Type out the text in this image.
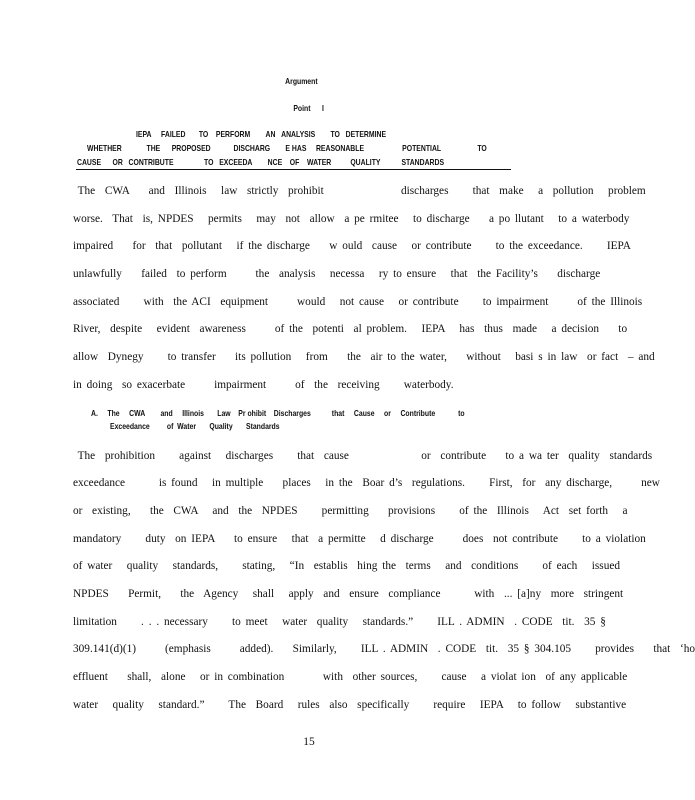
Argument
Point      I
IEPA     FAILED       TO    PERFORM        AN   ANALYSIS        TO   DETERMINE
WHETHER             THE      PROPOSED            DISCHARG        E HAS     REASONABLE                    POTENTIAL                   TO
CAUSE      OR   CONTRIBUTE                TO   EXCEEDA        NCE    OF    WATER          QUALITY           STANDARDS
The  CWA    and  Illinois   law  strictly  prohibit                discharges     that  make   a  pollution   problem
worse.  That  is, NPDES   permits   may  not  allow  a pe rmitee   to discharge    a po llutant   to a waterbody
impaired    for  that  pollutant   if the discharge    w ould  cause   or contribute     to the exceedance.     IEPA
unlawfully    failed  to perform      the  analysis   necessa   ry to ensure   that  the Facility’s    discharge
associated     with  the ACI  equipment      would   not cause   or contribute     to impairment      of the Illinois
River,  despite   evident  awareness      of the  potenti  al problem.   IEPA   has  thus  made   a decision    to
allow  Dynegy     to transfer    its pollution   from    the  air to the water,    without   basi s in law  or fact  – and
in doing  so exacerbate      impairment      of  the  receiving     waterbody.
A.     The     CWA        and     Illinois       Law    Pr ohibit    Discharges           that     Cause     or     Contribute            to
Exceedance         of  Water       Quality       Standards
The  prohibition     against   discharges     that  cause               or  contribute    to a wa ter  quality  standards
exceedance       is found   in multiple    places   in the  Boar d’s  regulations.     First,  for  any discharge,      new
or  existing,    the  CWA   and  the  NPDES     permitting    provisions     of the  Illinois   Act  set forth   a
mandatory     duty  on IEPA    to ensure   that  a permitte   d discharge      does  not contribute     to a violation
of water   quality   standards,     stating,   “In  establis  hing the  terms   and  conditions     of each   issued
NPDES    Permit,    the  Agency   shall   apply  and  ensure  compliance       with  ... [a]ny  more  stringent
limitation     . . . necessary     to meet   water  quality   standards.”     ILL . ADMIN  . CODE  tit.  35 §
309.141(d)(1)      (emphasis      added).    Similarly,     ILL . ADMIN  . CODE  tit.  35 § 304.105     provides    that  ‘ho
effluent    shall,  alone   or in combination        with  other sources,     cause   a violat ion  of any applicable
water   quality   standard.”     The  Board   rules  also  specifically     require   IEPA   to follow   substantive
15
